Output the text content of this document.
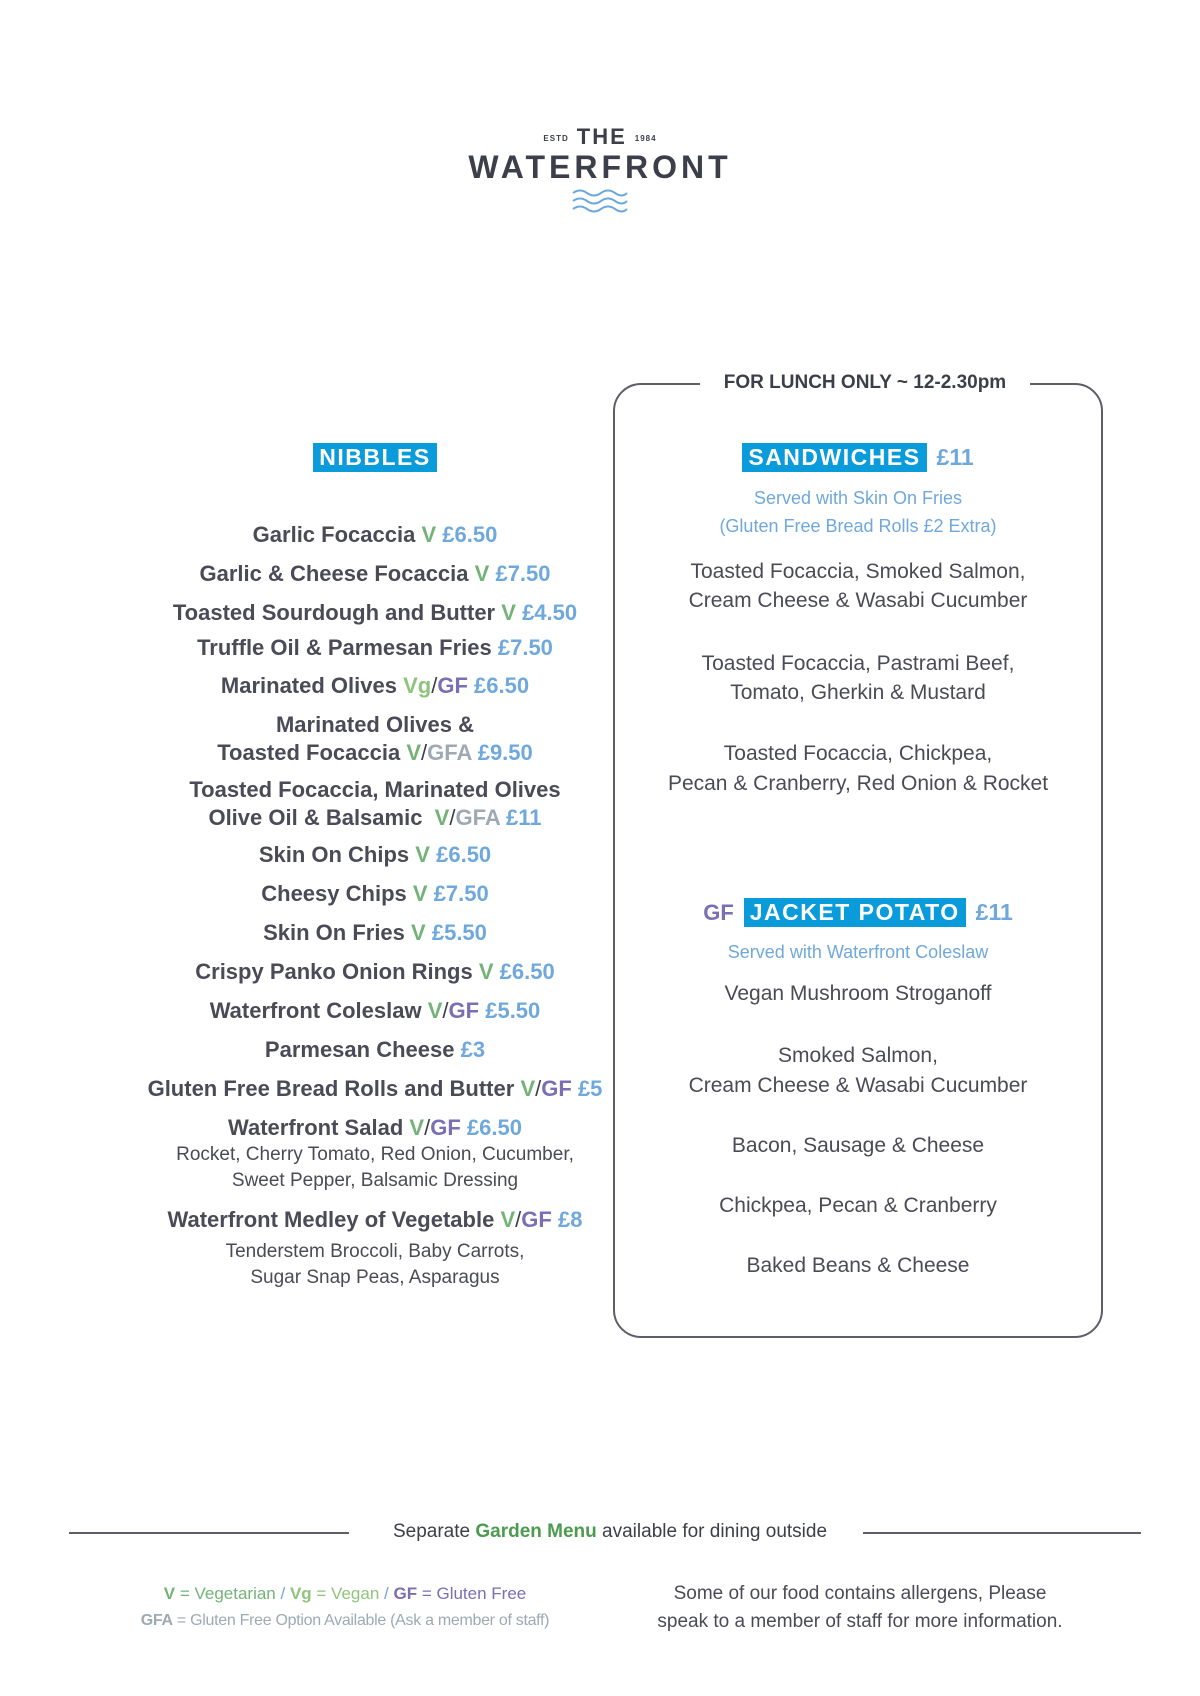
ESTD THE 1984
WATERFRONT
NIBBLES
Garlic Focaccia V £6.50
Garlic & Cheese Focaccia V £7.50
Toasted Sourdough and Butter V £4.50
Truffle Oil & Parmesan Fries £7.50
Marinated Olives Vg/GF £6.50
Marinated Olives &
Toasted Focaccia V/GFA £9.50
Toasted Focaccia, Marinated Olives
Olive Oil & Balsamic V/GFA £11
Skin On Chips V £6.50
Cheesy Chips V £7.50
Skin On Fries V £5.50
Crispy Panko Onion Rings V £6.50
Waterfront Coleslaw V/GF £5.50
Parmesan Cheese £3
Gluten Free Bread Rolls and Butter V/GF £5
Waterfront Salad V/GF £6.50
Rocket, Cherry Tomato, Red Onion, Cucumber,
Sweet Pepper, Balsamic Dressing
Waterfront Medley of Vegetable V/GF £8
Tenderstem Broccoli, Baby Carrots,
Sugar Snap Peas, Asparagus
FOR LUNCH ONLY ~ 12-2.30pm
SANDWICHES £11
Served with Skin On Fries
(Gluten Free Bread Rolls £2 Extra)
Toasted Focaccia, Smoked Salmon,
Cream Cheese & Wasabi Cucumber
Toasted Focaccia, Pastrami Beef,
Tomato, Gherkin & Mustard
Toasted Focaccia, Chickpea,
Pecan & Cranberry, Red Onion & Rocket
GF JACKET POTATO £11
Served with Waterfront Coleslaw
Vegan Mushroom Stroganoff
Smoked Salmon,
Cream Cheese & Wasabi Cucumber
Bacon, Sausage & Cheese
Chickpea, Pecan & Cranberry
Baked Beans & Cheese
Separate Garden Menu available for dining outside
V = Vegetarian / Vg = Vegan / GF = Gluten Free
GFA = Gluten Free Option Available (Ask a member of staff)
Some of our food contains allergens, Please
speak to a member of staff for more information.
